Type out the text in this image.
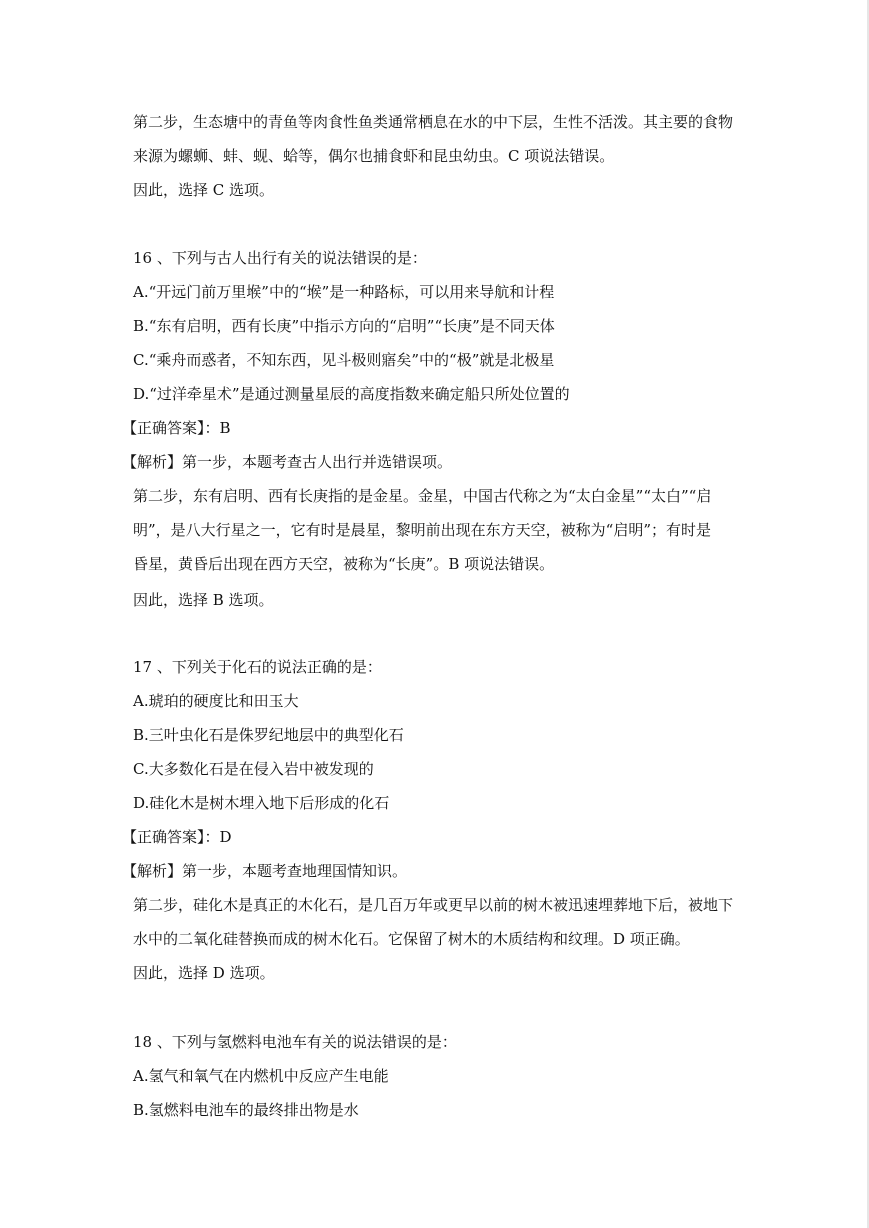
第二步，生态塘中的青鱼等肉食性鱼类通常栖息在水的中下层，生性不活泼。其主要的食物
来源为螺蛳、蚌、蚬、蛤等，偶尔也捕食虾和昆虫幼虫。C 项说法错误。
因此，选择 C 选项。
16 、下列与古人出行有关的说法错误的是：
A.“开远门前万里堠”中的“堠”是一种路标，可以用来导航和计程
B.“东有启明，西有长庚”中指示方向的“启明”“长庚”是不同天体
C.“乘舟而惑者，不知东西，见斗极则寤矣”中的“极”就是北极星
D.“过洋牵星术”是通过测量星辰的高度指数来确定船只所处位置的
【正确答案】：B
【解析】第一步，本题考查古人出行并选错误项。
第二步，东有启明、西有长庚指的是金星。金星，中国古代称之为“太白金星”“太白”“启
明”，是八大行星之一，它有时是晨星，黎明前出现在东方天空，被称为“启明”；有时是
昏星，黄昏后出现在西方天空，被称为“长庚”。B 项说法错误。
因此，选择 B 选项。
17 、下列关于化石的说法正确的是：
A.琥珀的硬度比和田玉大
B.三叶虫化石是侏罗纪地层中的典型化石
C.大多数化石是在侵入岩中被发现的
D.硅化木是树木埋入地下后形成的化石
【正确答案】：D
【解析】第一步，本题考查地理国情知识。
第二步，硅化木是真正的木化石，是几百万年或更早以前的树木被迅速埋葬地下后，被地下
水中的二氧化硅替换而成的树木化石。它保留了树木的木质结构和纹理。D 项正确。
因此，选择 D 选项。
18 、下列与氢燃料电池车有关的说法错误的是：
A.氢气和氧气在内燃机中反应产生电能
B.氢燃料电池车的最终排出物是水
